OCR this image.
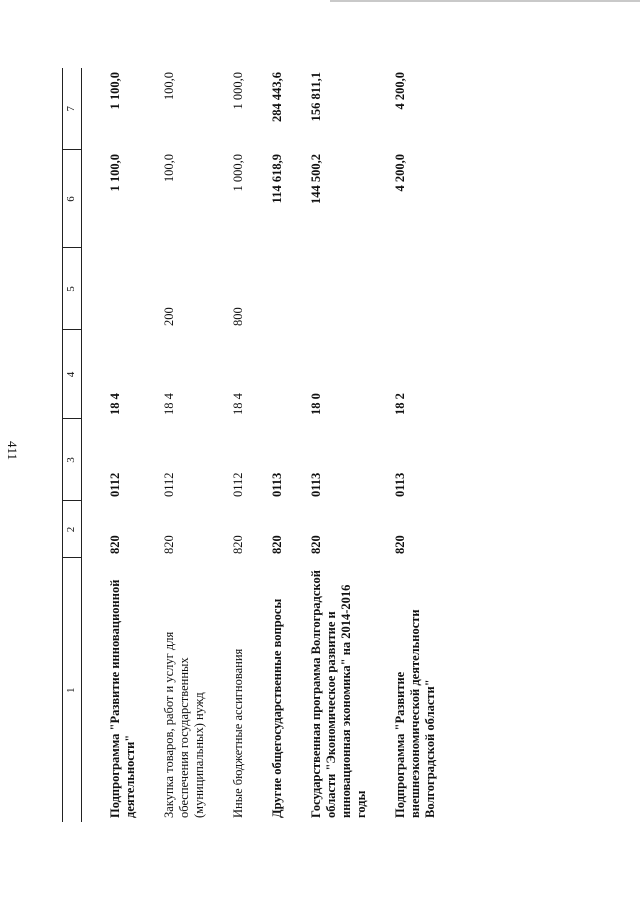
411
1	2	3	4	5	6	7

Подпрограмма "Развитие инновационной деятельности"	820	0112	18 4		1 100,0	1 100,0
Закупка товаров, работ и услуг для обеспечения государственных (муниципальных) нужд	820	0112	18 4	200	100,0	100,0
Иные бюджетные ассигнования	820	0112	18 4	800	1 000,0	1 000,0
Другие общегосударственные вопросы	820	0113			114 618,9	284 443,6
Государственная программа Волгоградской области "Экономическое развитие и инновационная экономика" на 2014-2016 годы	820	0113	18 0		144 500,2	156 811,1
Подпрограмма "Развитие внешнеэкономической деятельности Волгоградской области"	820	0113	18 2		4 200,0	4 200,0
